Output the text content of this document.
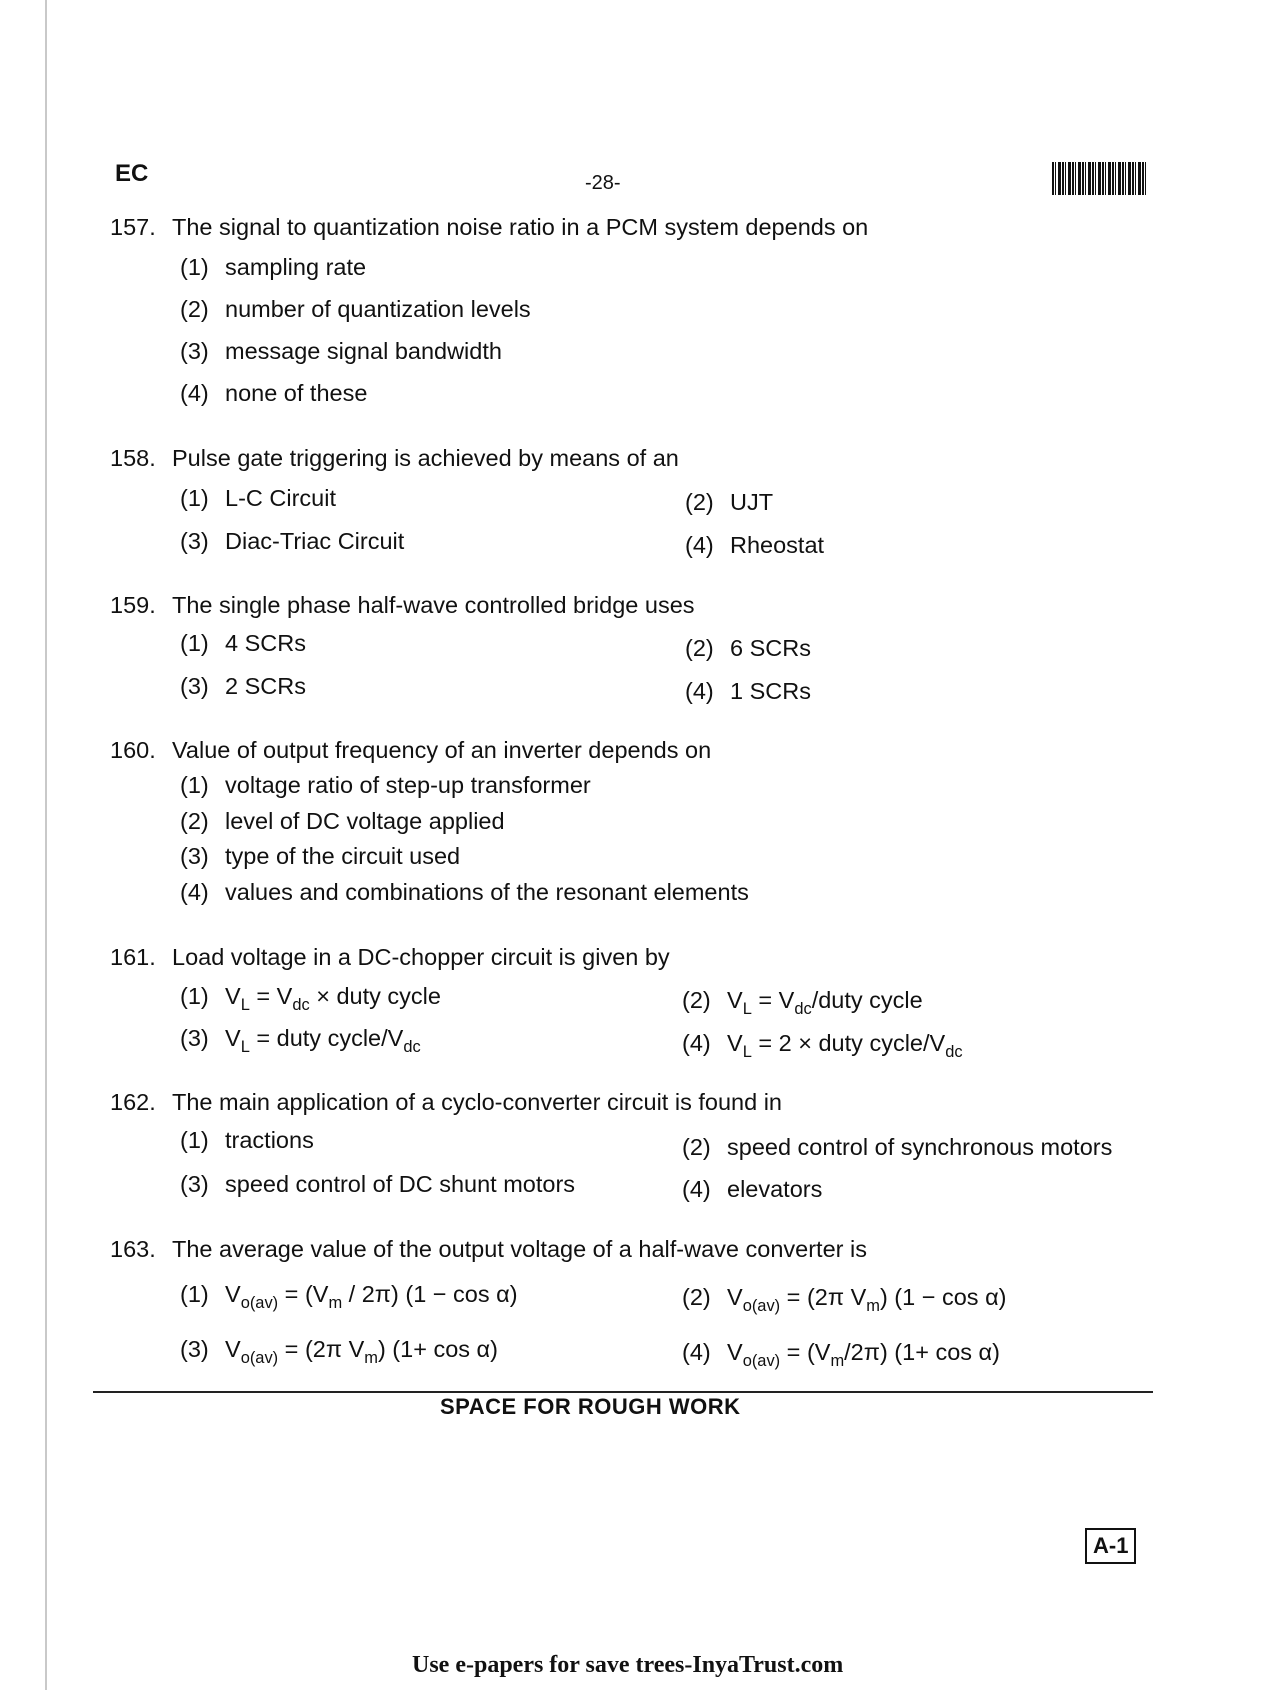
EC	-28-
157. The signal to quantization noise ratio in a PCM system depends on
(1) sampling rate
(2) number of quantization levels
(3) message signal bandwidth
(4) none of these
158. Pulse gate triggering is achieved by means of an
(1) L-C Circuit	(2) UJT
(3) Diac-Triac Circuit	(4) Rheostat
159. The single phase half-wave controlled bridge uses
(1) 4 SCRs	(2) 6 SCRs
(3) 2 SCRs	(4) 1 SCRs
160. Value of output frequency of an inverter depends on
(1) voltage ratio of step-up transformer
(2) level of DC voltage applied
(3) type of the circuit used
(4) values and combinations of the resonant elements
161. Load voltage in a DC-chopper circuit is given by
(1) $V_L = V_{dc}$ × duty cycle	(2) $V_L$ = $V_{dc}$/duty cycle
(3) $V_L$ = duty cycle/$V_{dc}$	(4) $V_L = 2$ × duty cycle/$V_{dc}$
162. The main application of a cyclo-converter circuit is found in
(1) tractions	(2) speed control of synchronous motors
(3) speed control of DC shunt motors	(4) elevators
163. The average value of the output voltage of a half-wave converter is
(1) $V_{o(av)} = (V_m / 2\pi) (1 - \cos \alpha)$	(2) $V_{o(av)} = (2\pi$ $V_m$) (1 − cos α)
(3) $V_{o(av)} = (2\pi$ $V_m$) (1+ cos α)	(4) $V_{o(av)} = (V_m/2\pi)$ (1+ cos α)
SPACE FOR ROUGH WORK
A-1
Use e-papers for save trees-InyaTrust.com
